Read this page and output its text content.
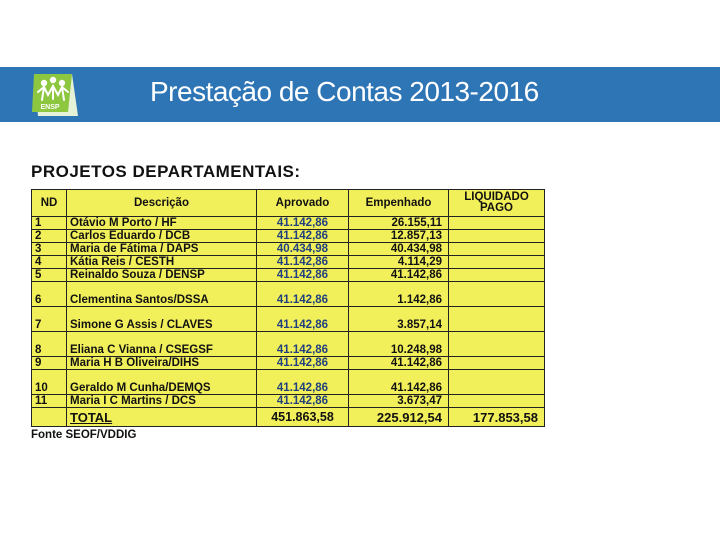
ENSP
Prestação de Contas 2013-2016
PROJETOS DEPARTAMENTAIS:
ND	Descrição	Aprovado	Empenhado	LIQUIDADO PAGO
1	Otávio M Porto / HF	41.142,86	26.155,11	
2	Carlos Eduardo / DCB	41.142,86	12.857,13	
3	Maria de Fátima / DAPS	40.434,98	40.434,98	
4	Kátia Reis / CESTH	41.142,86	4.114,29	
5	Reinaldo Souza / DENSP	41.142,86	41.142,86	
6	Clementina Santos/DSSA	41.142,86	1.142,86	
7	Simone G Assis / CLAVES	41.142,86	3.857,14	
8	Eliana C Vianna / CSEGSF	41.142,86	10.248,98	
9	Maria H B Oliveira/DIHS	41.142,86	41.142,86	
10	Geraldo M Cunha/DEMQS	41.142,86	41.142,86	
11	Maria I C Martins / DCS	41.142,86	3.673,47	
	TOTAL	451.863,58	225.912,54	177.853,58
Fonte SEOF/VDDIG
